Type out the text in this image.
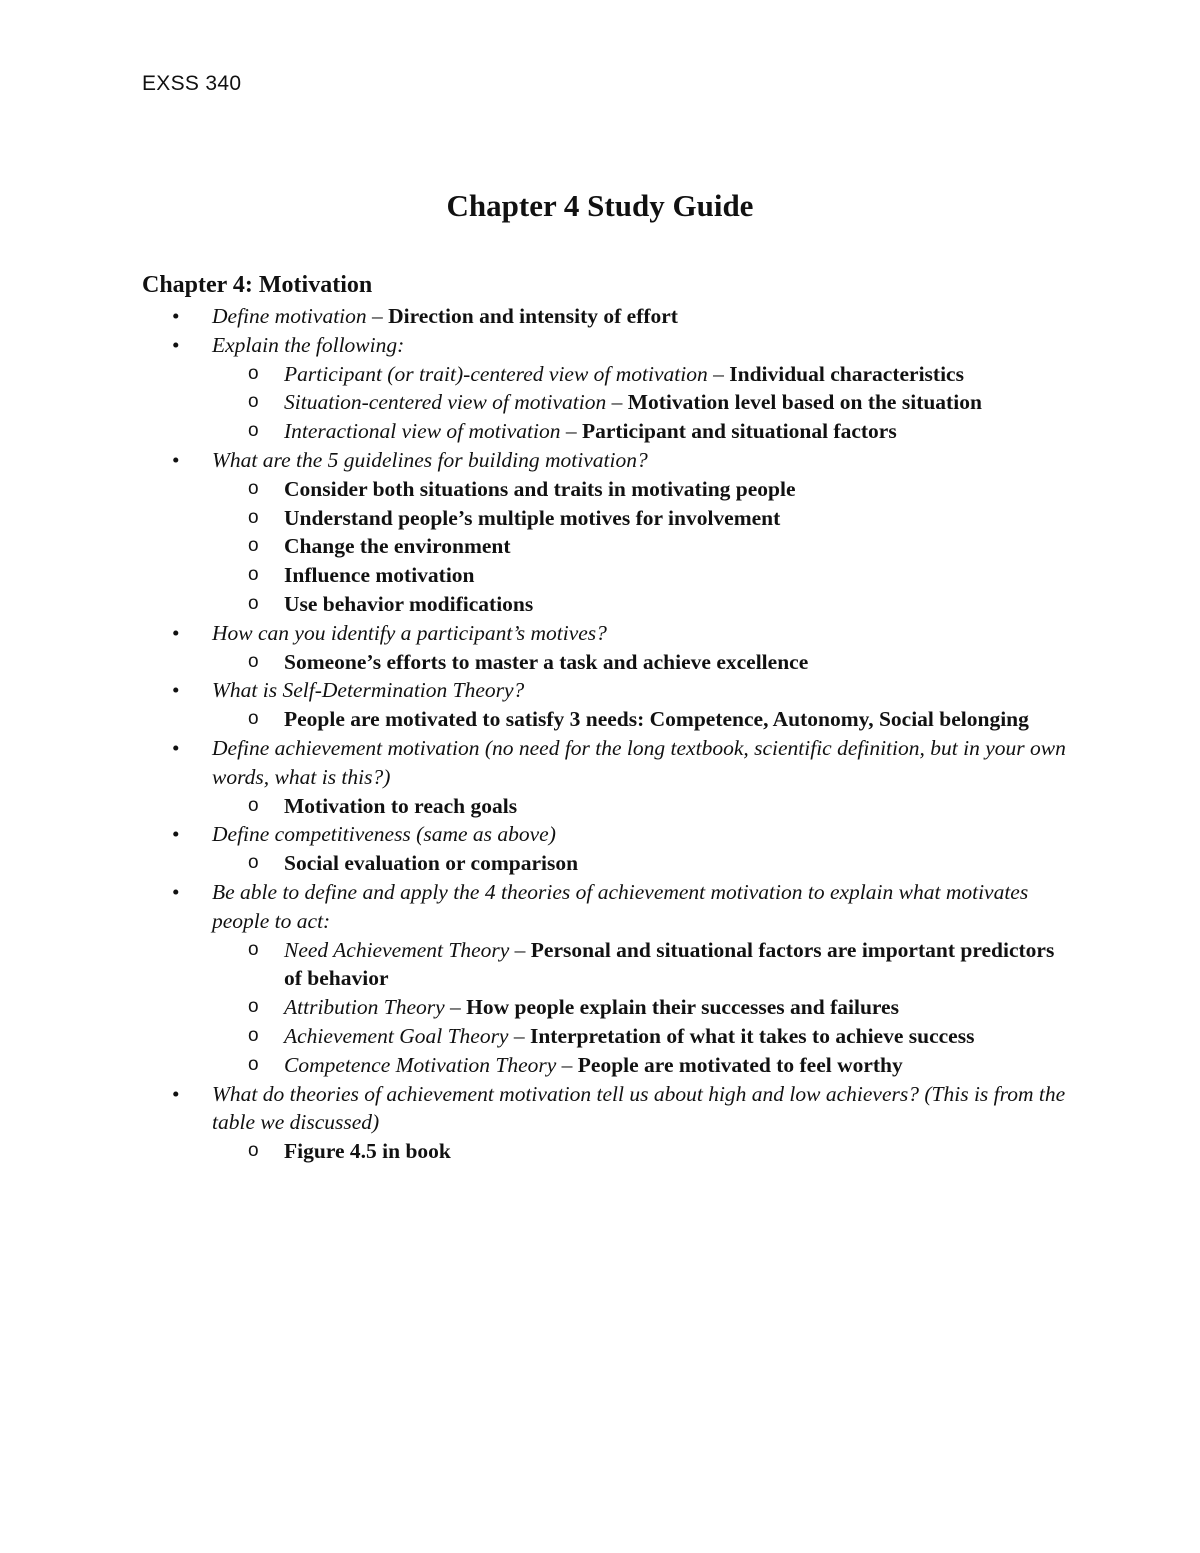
EXSS 340
Chapter 4 Study Guide
Chapter 4: Motivation
• Define motivation – Direction and intensity of effort
• Explain the following:
o Participant (or trait)-centered view of motivation – Individual characteristics
o Situation-centered view of motivation – Motivation level based on the situation
o Interactional view of motivation – Participant and situational factors
• What are the 5 guidelines for building motivation?
o Consider both situations and traits in motivating people
o Understand people’s multiple motives for involvement
o Change the environment
o Influence motivation
o Use behavior modifications
• How can you identify a participant’s motives?
o Someone’s efforts to master a task and achieve excellence
• What is Self-Determination Theory?
o People are motivated to satisfy 3 needs: Competence, Autonomy, Social belonging
• Define achievement motivation (no need for the long textbook, scientific definition, but in your own words, what is this?)
o Motivation to reach goals
• Define competitiveness (same as above)
o Social evaluation or comparison
• Be able to define and apply the 4 theories of achievement motivation to explain what motivates people to act:
o Need Achievement Theory – Personal and situational factors are important predictors of behavior
o Attribution Theory – How people explain their successes and failures
o Achievement Goal Theory – Interpretation of what it takes to achieve success
o Competence Motivation Theory – People are motivated to feel worthy
• What do theories of achievement motivation tell us about high and low achievers? (This is from the table we discussed)
o Figure 4.5 in book
